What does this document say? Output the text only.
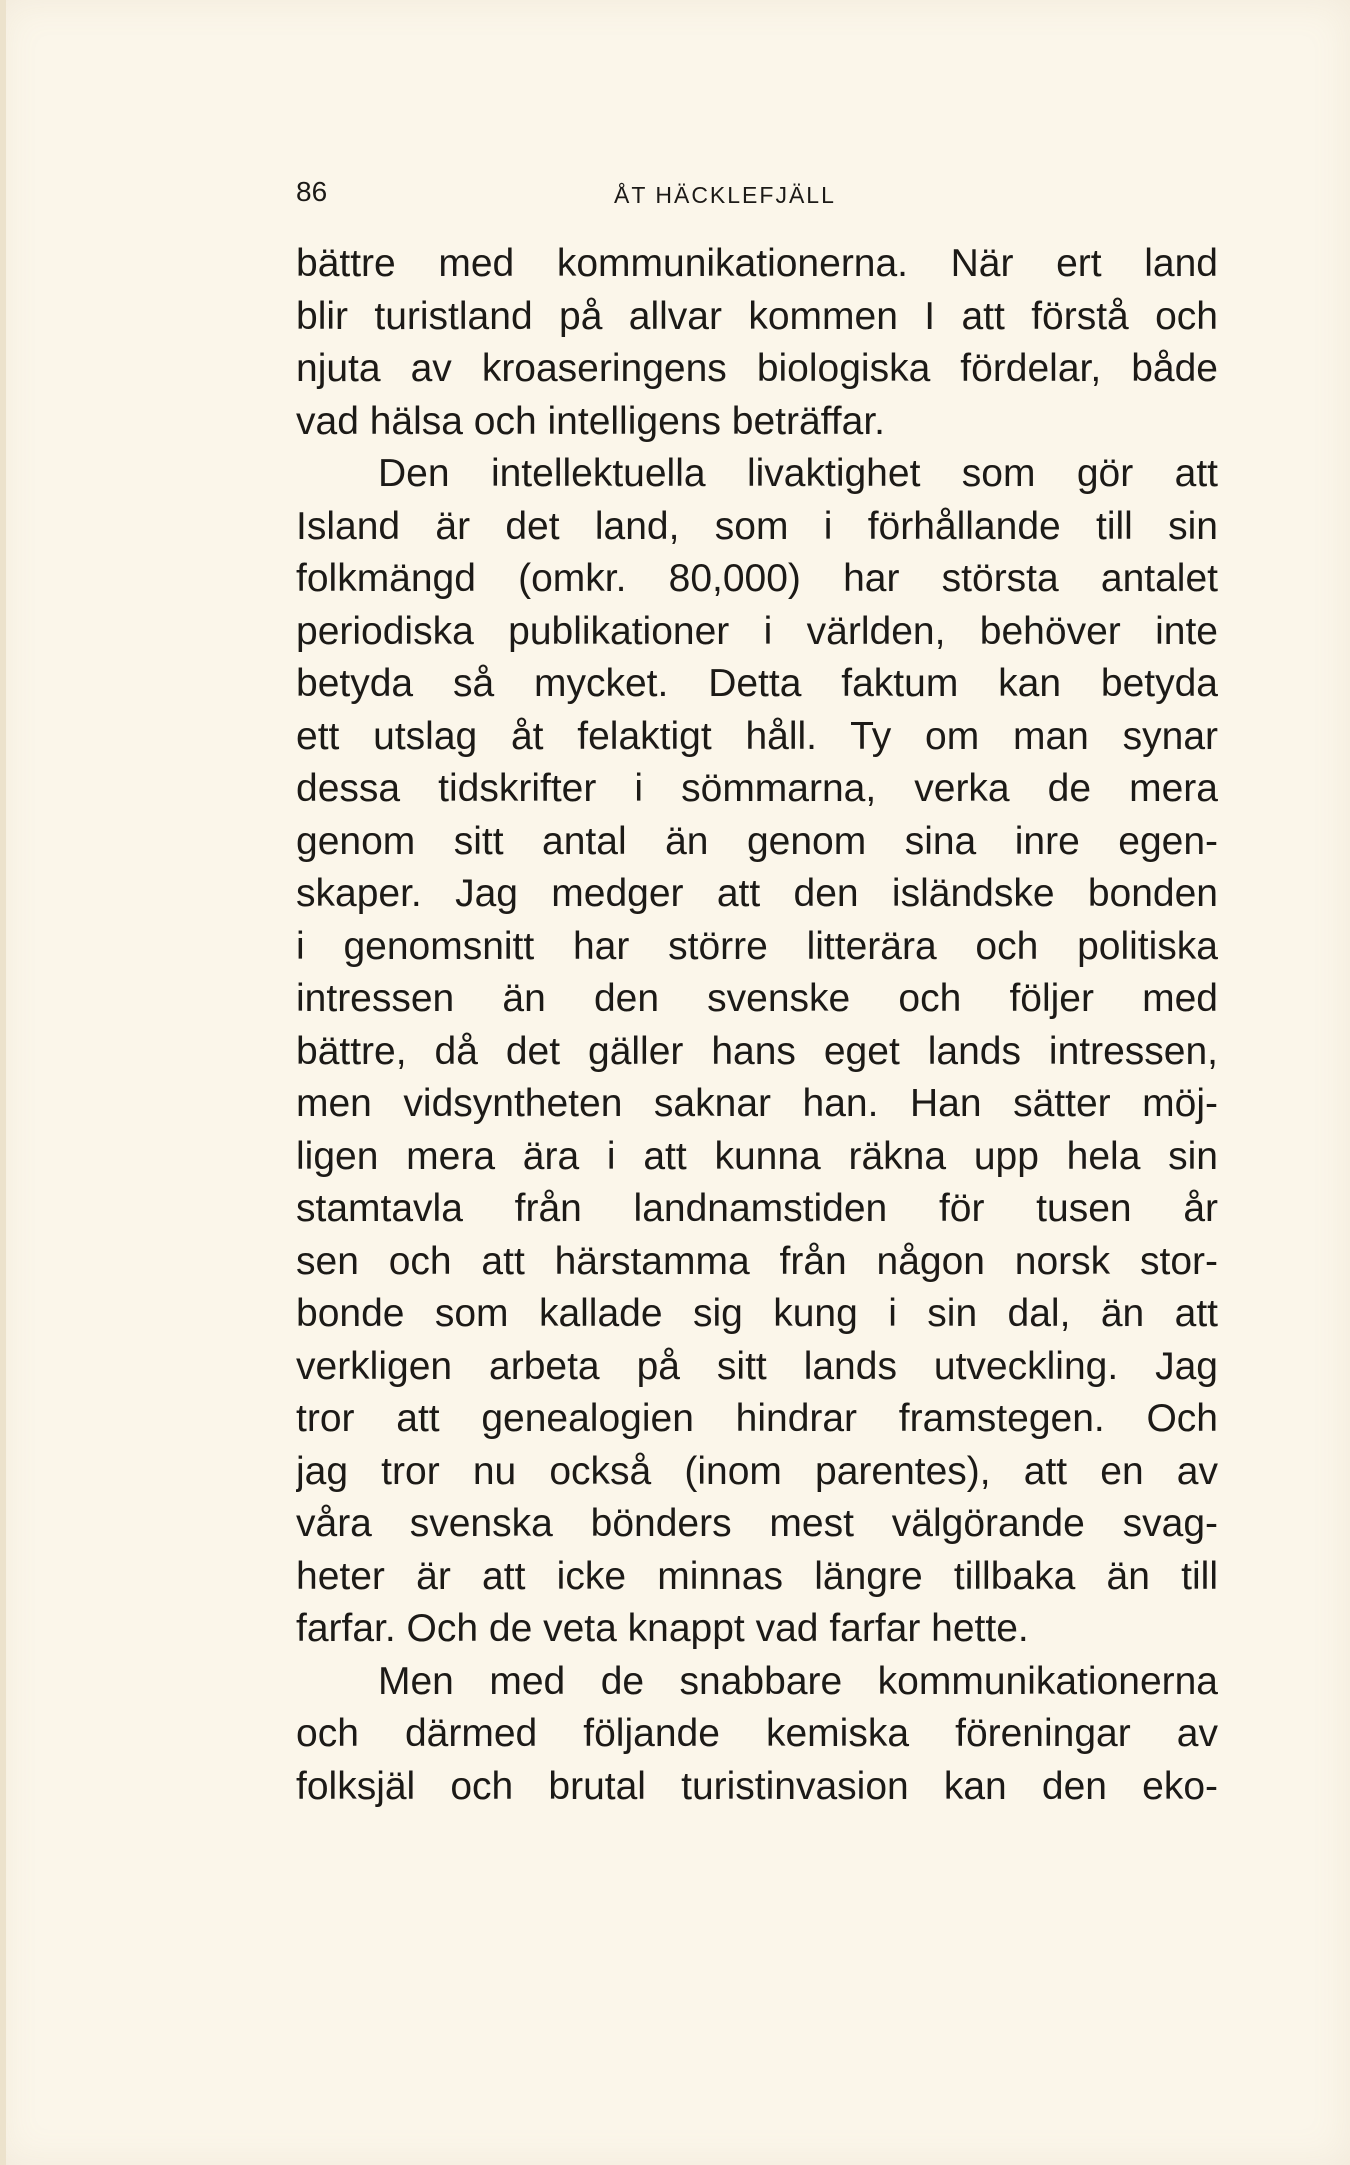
86	ÅT HÄCKLEFJÄLL
bättre med kommunikationerna. När ert land
blir turistland på allvar kommen I att förstå och
njuta av kroaseringens biologiska fördelar, både
vad hälsa och intelligens beträffar.
Den intellektuella livaktighet som gör att
Island är det land, som i förhållande till sin
folkmängd (omkr. 80,000) har största antalet
periodiska publikationer i världen, behöver inte
betyda så mycket. Detta faktum kan betyda
ett utslag åt felaktigt håll. Ty om man synar
dessa tidskrifter i sömmarna, verka de mera
genom sitt antal än genom sina inre egen-
skaper. Jag medger att den isländske bonden
i genomsnitt har större litterära och politiska
intressen än den svenske och följer med
bättre, då det gäller hans eget lands intressen,
men vidsyntheten saknar han. Han sätter möj-
ligen mera ära i att kunna räkna upp hela sin
stamtavla från landnamstiden för tusen år
sen och att härstamma från någon norsk stor-
bonde som kallade sig kung i sin dal, än att
verkligen arbeta på sitt lands utveckling. Jag
tror att genealogien hindrar framstegen. Och
jag tror nu också (inom parentes), att en av
våra svenska bönders mest välgörande svag-
heter är att icke minnas längre tillbaka än till
farfar. Och de veta knappt vad farfar hette.
Men med de snabbare kommunikationerna
och därmed följande kemiska föreningar av
folksjäl och brutal turistinvasion kan den eko-
